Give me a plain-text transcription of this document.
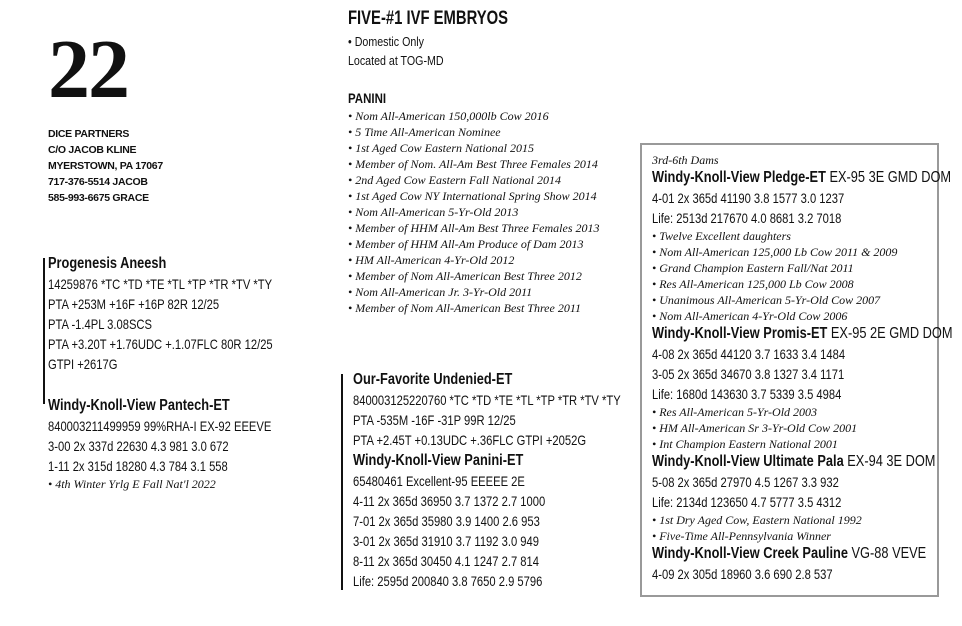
22
DICE PARTNERS
C/O JACOB KLINE
MYERSTOWN, PA 17067
717-376-5514 JACOB
585-993-6675 GRACE
FIVE-#1 IVF EMBRYOS
• Domestic Only
Located at TOG-MD
PANINI
• Nom All-American 150,000lb Cow 2016
• 5 Time All-American Nominee
• 1st Aged Cow Eastern National 2015
• Member of Nom. All-Am Best Three Females 2014
• 2nd Aged Cow Eastern Fall National 2014
• 1st Aged Cow NY International Spring Show 2014
• Nom All-American 5-Yr-Old 2013
• Member of HHM All-Am Best Three Females 2013
• Member of HHM All-Am Produce of Dam 2013
• HM All-American 4-Yr-Old 2012
• Member of Nom All-American Best Three 2012
• Nom All-American Jr. 3-Yr-Old 2011
• Member of Nom All-American Best Three 2011
Progenesis Aneesh
14259876 *TC *TD *TE *TL *TP *TR *TV *TY
PTA +253M +16F +16P 82R 12/25
PTA -1.4PL 3.08SCS
PTA +3.20T +1.76UDC +.1.07FLC 80R 12/25
GTPI +2617G
Windy-Knoll-View Pantech-ET
840003211499959 99%RHA-I EX-92 EEEVE
3-00 2x 337d 22630 4.3 981 3.0 672
1-11 2x 315d 18280 4.3 784 3.1 558
• 4th Winter Yrlg E Fall Nat'l 2022
Our-Favorite Undenied-ET
840003125220760 *TC *TD *TE *TL *TP *TR *TV *TY
PTA -535M -16F -31P 99R 12/25
PTA +2.45T +0.13UDC +.36FLC GTPI +2052G
Windy-Knoll-View Panini-ET
65480461 Excellent-95 EEEEE 2E
4-11 2x 365d 36950 3.7 1372 2.7 1000
7-01 2x 365d 35980 3.9 1400 2.6 953
3-01 2x 365d 31910 3.7 1192 3.0 949
8-11 2x 365d 30450 4.1 1247 2.7 814
Life: 2595d 200840 3.8 7650 2.9 5796
3rd-6th Dams
Windy-Knoll-View Pledge-ET EX-95 3E GMD DOM
4-01 2x 365d 41190 3.8 1577 3.0 1237
Life: 2513d 217670 4.0 8681 3.2 7018
• Twelve Excellent daughters
• Nom All-American 125,000 Lb Cow 2011 & 2009
• Grand Champion Eastern Fall/Nat 2011
• Res All-American 125,000 Lb Cow 2008
• Unanimous All-American 5-Yr-Old Cow 2007
• Nom All-American 4-Yr-Old Cow 2006
Windy-Knoll-View Promis-ET EX-95 2E GMD DOM
4-08 2x 365d 44120 3.7 1633 3.4 1484
3-05 2x 365d 34670 3.8 1327 3.4 1171
Life: 1680d 143630 3.7 5339 3.5 4984
• Res All-American 5-Yr-Old 2003
• HM All-American Sr 3-Yr-Old Cow 2001
• Int Champion Eastern National 2001
Windy-Knoll-View Ultimate Pala EX-94 3E DOM
5-08 2x 365d 27970 4.5 1267 3.3 932
Life: 2134d 123650 4.7 5777 3.5 4312
• 1st Dry Aged Cow, Eastern National 1992
• Five-Time All-Pennsylvania Winner
Windy-Knoll-View Creek Pauline VG-88 VEVE
4-09 2x 305d 18960 3.6 690 2.8 537
